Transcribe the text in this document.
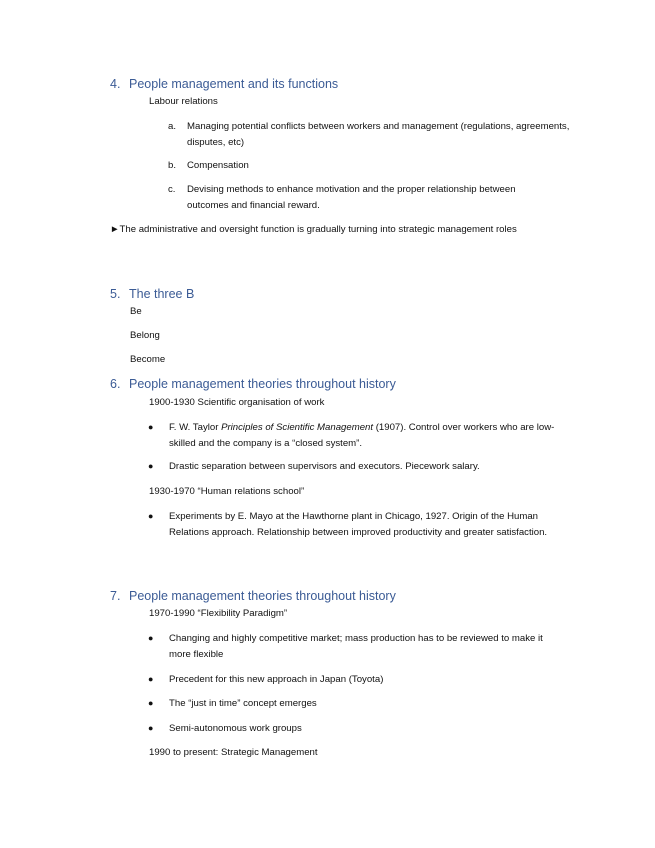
4. People management and its functions
Labour relations
a. Managing potential conflicts between workers and management (regulations, agreements, disputes, etc)
b. Compensation
c. Devising methods to enhance motivation and the proper relationship between outcomes and financial reward.
►The administrative and oversight function is gradually turning into strategic management roles
5. The three B
Be
Belong
Become
6. People management theories throughout history
1900-1930 Scientific organisation of work
● F. W. Taylor Principles of Scientific Management (1907). Control over workers who are low-skilled and the company is a “closed system”.
● Drastic separation between supervisors and executors. Piecework salary.
1930-1970 “Human relations school”
● Experiments by E. Mayo at the Hawthorne plant in Chicago, 1927. Origin of the Human Relations approach. Relationship between improved productivity and greater satisfaction.
7. People management theories throughout history
1970-1990 “Flexibility Paradigm”
● Changing and highly competitive market; mass production has to be reviewed to make it more flexible
● Precedent for this new approach in Japan (Toyota)
● The “just in time” concept emerges
● Semi-autonomous work groups
1990 to present: Strategic Management
